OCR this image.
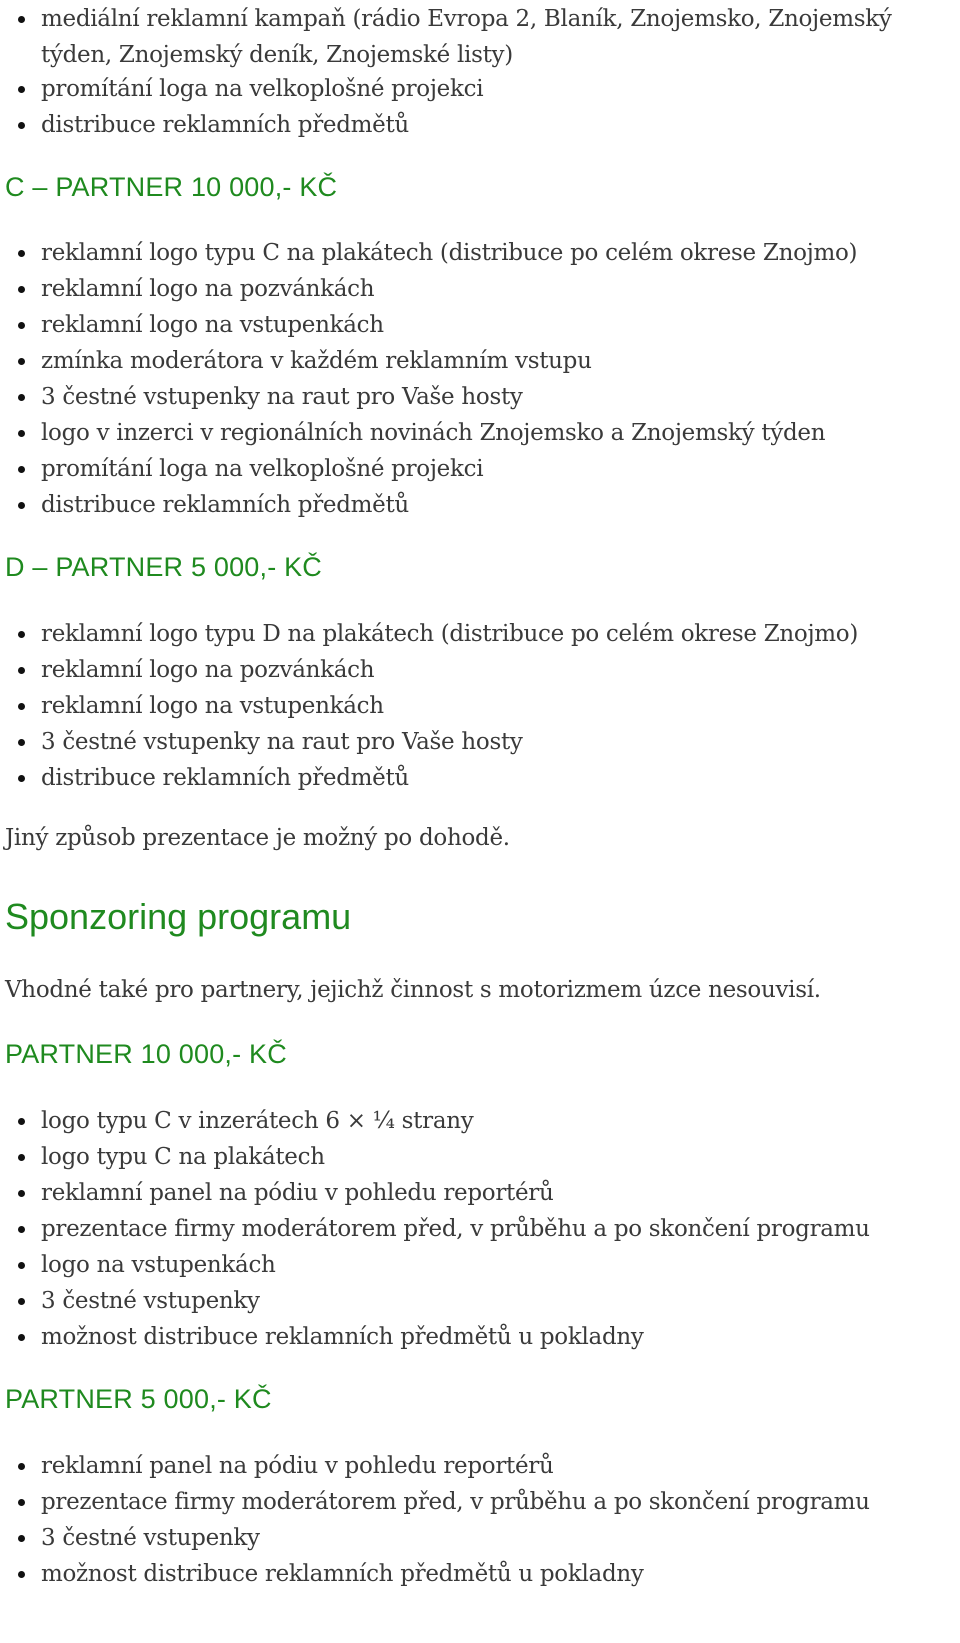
mediální reklamní kampaň (rádio Evropa 2, Blaník, Znojemsko, Znojemský týden, Znojemský deník, Znojemské listy)
promítání loga na velkoplošné projekci
distribuce reklamních předmětů
C – PARTNER 10 000,- KČ
reklamní logo typu C na plakátech (distribuce po celém okrese Znojmo)
reklamní logo na pozvánkách
reklamní logo na vstupenkách
zmínka moderátora v každém reklamním vstupu
3 čestné vstupenky na raut pro Vaše hosty
logo v inzerci v regionálních novinách Znojemsko a Znojemský týden
promítání loga na velkoplošné projekci
distribuce reklamních předmětů
D – PARTNER 5 000,- KČ
reklamní logo typu D na plakátech (distribuce po celém okrese Znojmo)
reklamní logo na pozvánkách
reklamní logo na vstupenkách
3 čestné vstupenky na raut pro Vaše hosty
distribuce reklamních předmětů

Jiný způsob prezentace je možný po dohodě.

Sponzoring programu

Vhodné také pro partnery, jejichž činnost s motorizmem úzce nesouvisí.

PARTNER 10 000,- KČ
logo typu C v inzerátech 6 × ¼ strany
logo typu C na plakátech
reklamní panel na pódiu v pohledu reportérů
prezentace firmy moderátorem před, v průběhu a po skončení programu
logo na vstupenkách
3 čestné vstupenky
možnost distribuce reklamních předmětů u pokladny
PARTNER 5 000,- KČ
reklamní panel na pódiu v pohledu reportérů
prezentace firmy moderátorem před, v průběhu a po skončení programu
3 čestné vstupenky
možnost distribuce reklamních předmětů u pokladny
